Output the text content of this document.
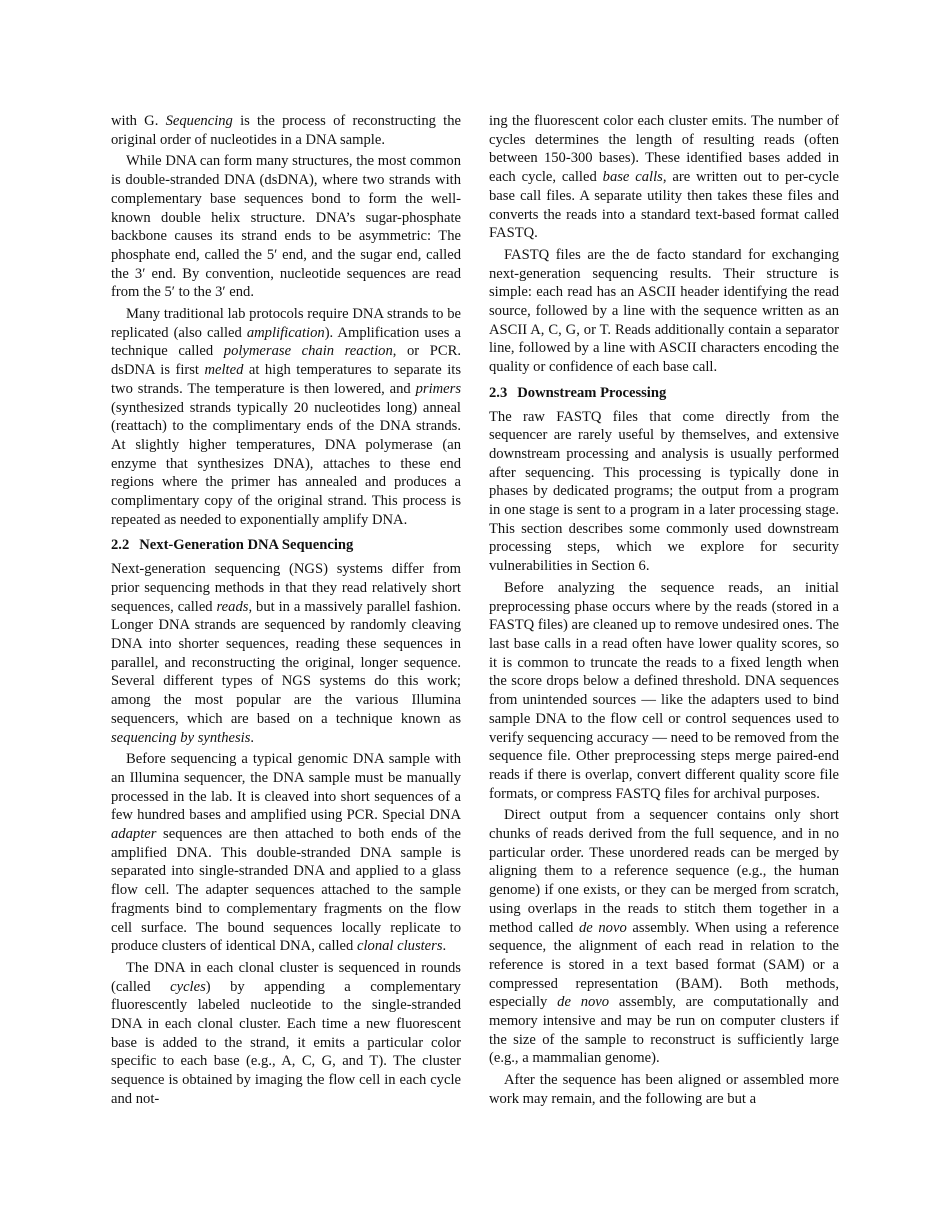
with G. Sequencing is the process of reconstructing the original order of nucleotides in a DNA sample.

While DNA can form many structures, the most common is double-stranded DNA (dsDNA), where two strands with complementary base sequences bond to form the well-known double helix structure. DNA’s sugar-phosphate backbone causes its strand ends to be asymmetric: The phosphate end, called the 5′ end, and the sugar end, called the 3′ end. By convention, nucleotide sequences are read from the 5′ to the 3′ end.

Many traditional lab protocols require DNA strands to be replicated (also called amplification). Amplification uses a technique called polymerase chain reaction, or PCR. dsDNA is first melted at high temperatures to separate its two strands. The temperature is then lowered, and primers (synthesized strands typically 20 nucleotides long) anneal (reattach) to the complimentary ends of the DNA strands. At slightly higher temperatures, DNA polymerase (an enzyme that synthesizes DNA), attaches to these end regions where the primer has annealed and produces a complimentary copy of the original strand. This process is repeated as needed to exponentially amplify DNA.

2.2 Next-Generation DNA Sequencing

Next-generation sequencing (NGS) systems differ from prior sequencing methods in that they read relatively short sequences, called reads, but in a massively parallel fashion. Longer DNA strands are sequenced by randomly cleaving DNA into shorter sequences, reading these sequences in parallel, and reconstructing the original, longer sequence. Several different types of NGS systems do this work; among the most popular are the various Illumina sequencers, which are based on a technique known as sequencing by synthesis.

Before sequencing a typical genomic DNA sample with an Illumina sequencer, the DNA sample must be manually processed in the lab. It is cleaved into short sequences of a few hundred bases and amplified using PCR. Special DNA adapter sequences are then attached to both ends of the amplified DNA. This double-stranded DNA sample is separated into single-stranded DNA and applied to a glass flow cell. The adapter sequences attached to the sample fragments bind to complementary fragments on the flow cell surface. The bound sequences locally replicate to produce clusters of identical DNA, called clonal clusters.

The DNA in each clonal cluster is sequenced in rounds (called cycles) by appending a complementary fluorescently labeled nucleotide to the single-stranded DNA in each clonal cluster. Each time a new fluorescent base is added to the strand, it emits a particular color specific to each base (e.g., A, C, G, and T). The cluster sequence is obtained by imaging the flow cell in each cycle and not-

ing the fluorescent color each cluster emits. The number of cycles determines the length of resulting reads (often between 150-300 bases). These identified bases added in each cycle, called base calls, are written out to per-cycle base call files. A separate utility then takes these files and converts the reads into a standard text-based format called FASTQ.

FASTQ files are the de facto standard for exchanging next-generation sequencing results. Their structure is simple: each read has an ASCII header identifying the read source, followed by a line with the sequence written as an ASCII A, C, G, or T. Reads additionally contain a separator line, followed by a line with ASCII characters encoding the quality or confidence of each base call.

2.3 Downstream Processing

The raw FASTQ files that come directly from the sequencer are rarely useful by themselves, and extensive downstream processing and analysis is usually performed after sequencing. This processing is typically done in phases by dedicated programs; the output from a program in one stage is sent to a program in a later processing stage. This section describes some commonly used downstream processing steps, which we explore for security vulnerabilities in Section 6.

Before analyzing the sequence reads, an initial preprocessing phase occurs where by the reads (stored in a FASTQ files) are cleaned up to remove undesired ones. The last base calls in a read often have lower quality scores, so it is common to truncate the reads to a fixed length when the score drops below a defined threshold. DNA sequences from unintended sources — like the adapters used to bind sample DNA to the flow cell or control sequences used to verify sequencing accuracy — need to be removed from the sequence file. Other preprocessing steps merge paired-end reads if there is overlap, convert different quality score file formats, or compress FASTQ files for archival purposes.

Direct output from a sequencer contains only short chunks of reads derived from the full sequence, and in no particular order. These unordered reads can be merged by aligning them to a reference sequence (e.g., the human genome) if one exists, or they can be merged from scratch, using overlaps in the reads to stitch them together in a method called de novo assembly. When using a reference sequence, the alignment of each read in relation to the reference is stored in a text based format (SAM) or a compressed representation (BAM). Both methods, especially de novo assembly, are computationally and memory intensive and may be run on computer clusters if the size of the sample to reconstruct is sufficiently large (e.g., a mammalian genome).

After the sequence has been aligned or assembled more work may remain, and the following are but a
